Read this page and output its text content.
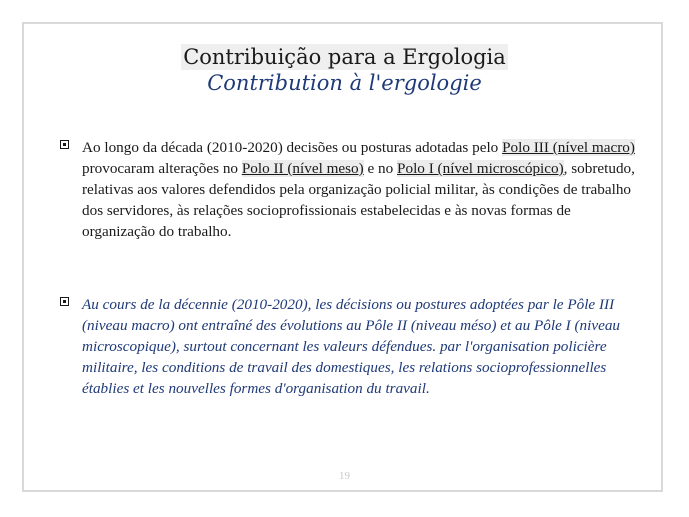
Contribuição para a Ergologia
Contribution à l'ergologie
Ao longo da década (2010-2020) decisões ou posturas adotadas pelo Polo III (nível macro) provocaram alterações no Polo II (nível meso) e no Polo I (nível microscópico), sobretudo, relativas aos valores defendidos pela organização policial militar, às condições de trabalho dos servidores, às relações socioprofissionais estabelecidas e às novas formas de organização do trabalho.
Au cours de la décennie (2010-2020), les décisions ou postures adoptées par le Pôle III (niveau macro) ont entraîné des évolutions au Pôle II (niveau méso) et au Pôle I (niveau microscopique), surtout concernant les valeurs défendues. par l'organisation policière militaire, les conditions de travail des domestiques, les relations socioprofessionnelles établies et les nouvelles formes d'organisation du travail.
19
